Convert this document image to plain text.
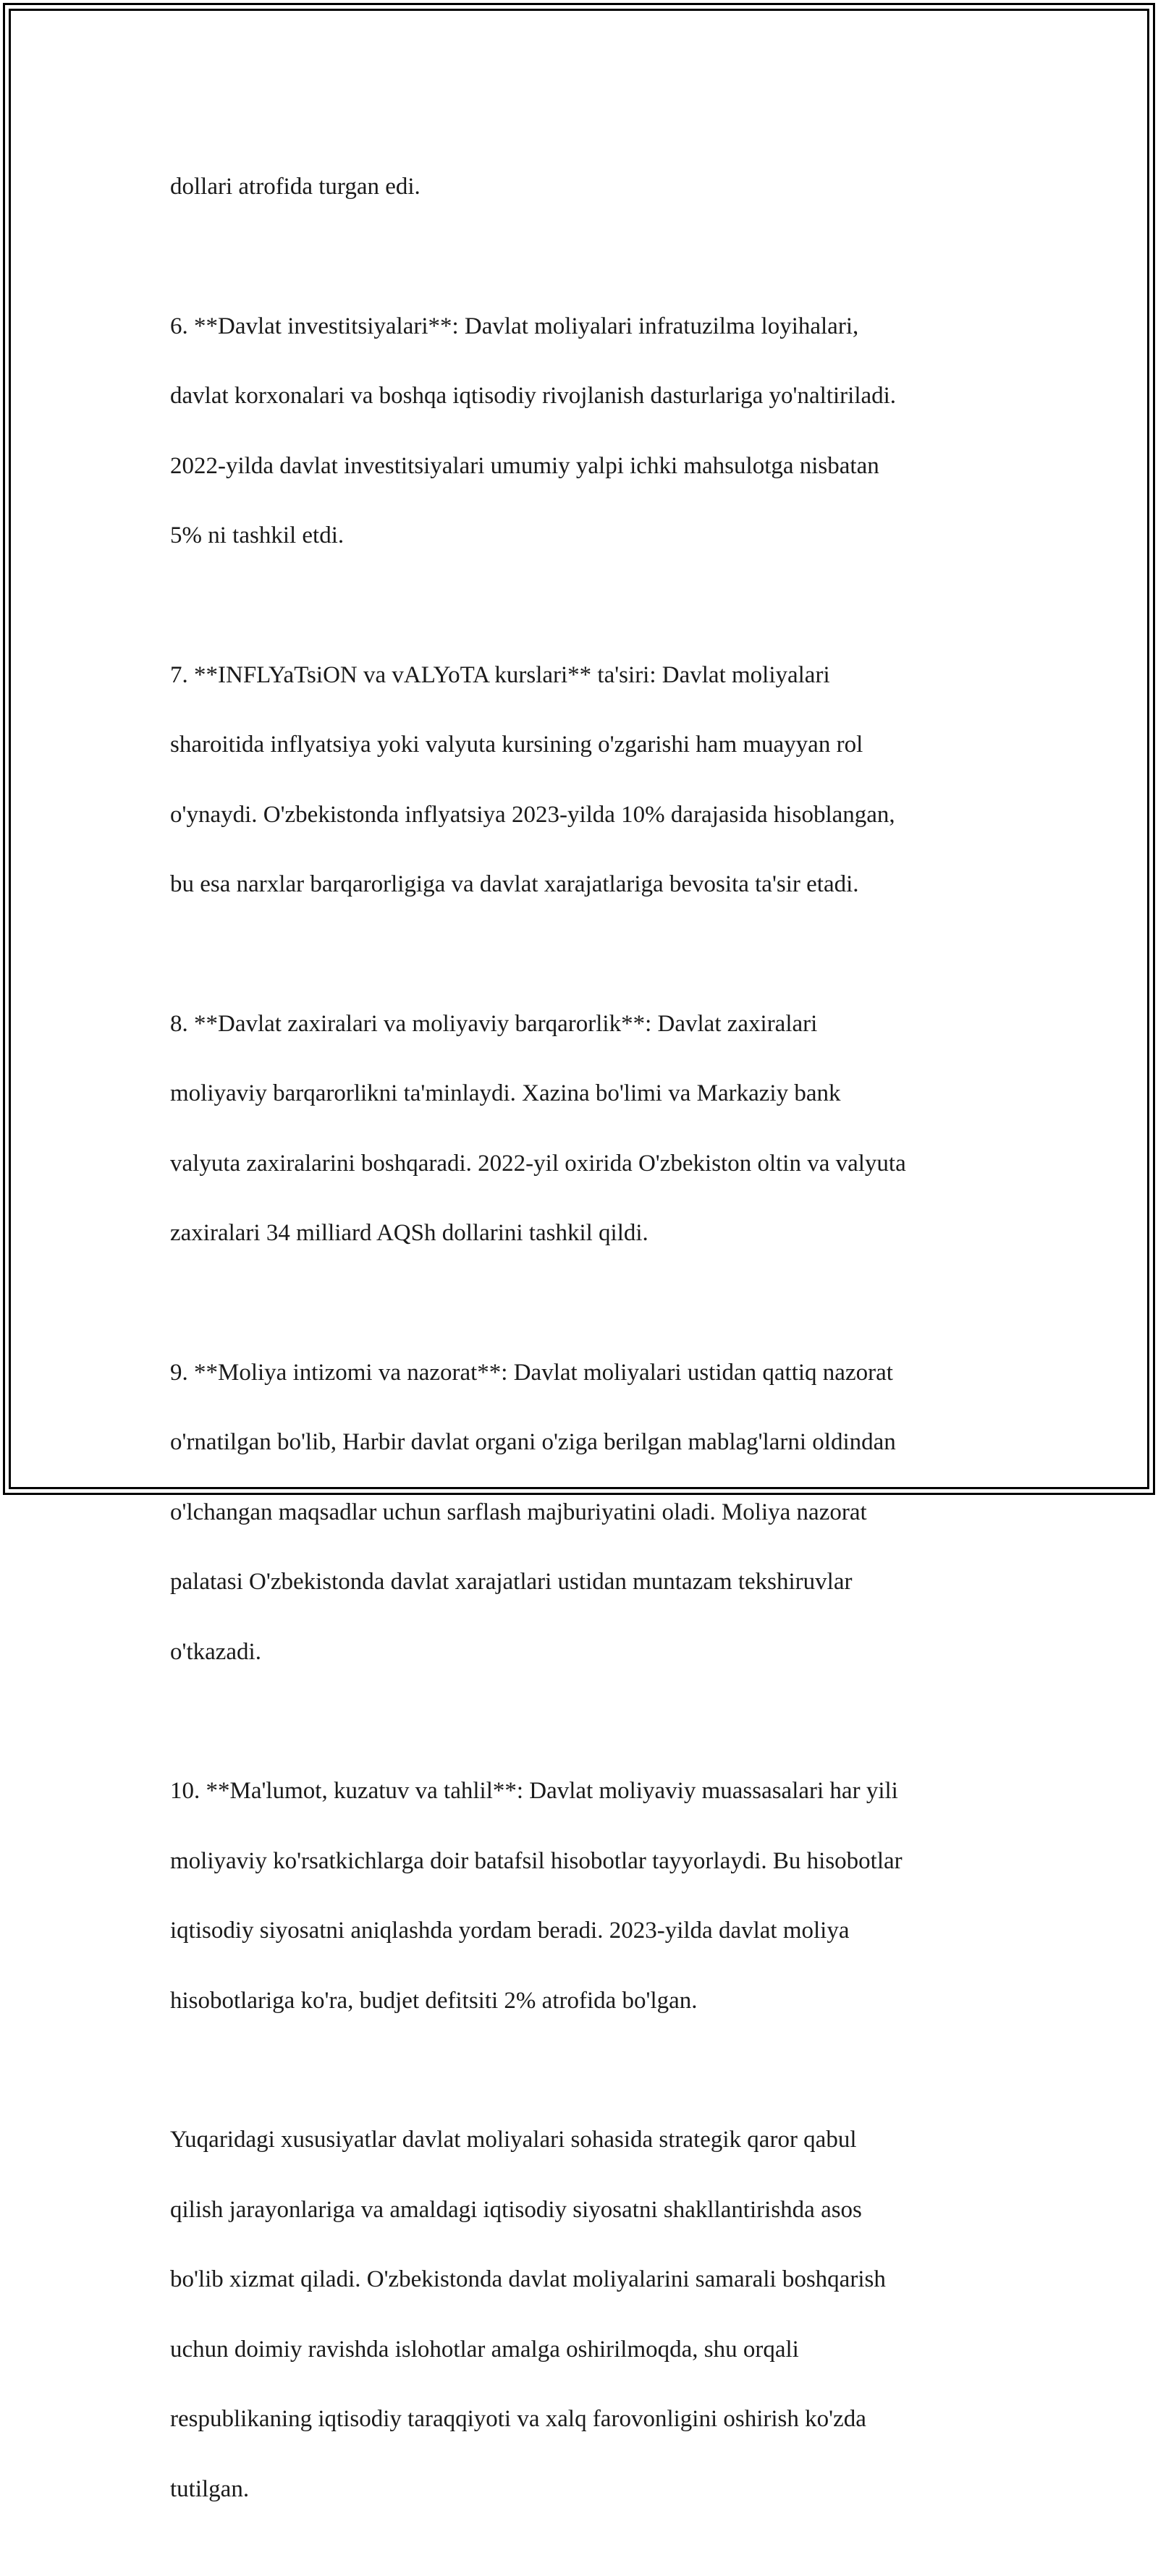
dollari atrofida turgan edi.

6. **Davlat investitsiyalari**: Davlat moliyalari infratuzilma loyihalari,

davlat korxonalari va boshqa iqtisodiy rivojlanish dasturlariga yo'naltiriladi.

2022-yilda davlat investitsiyalari umumiy yalpi ichki mahsulotga nisbatan

5% ni tashkil etdi.

7. **INFLYaTsiON va vALYoTA kurslari** ta'siri: Davlat moliyalari

sharoitida inflyatsiya yoki valyuta kursining o'zgarishi ham muayyan rol

o'ynaydi. O'zbekistonda inflyatsiya 2023-yilda 10% darajasida hisoblangan,

bu esa narxlar barqarorligiga va davlat xarajatlariga bevosita ta'sir etadi.

8. **Davlat zaxiralari va moliyaviy barqarorlik**: Davlat zaxiralari

moliyaviy barqarorlikni ta'minlaydi. Xazina bo'limi va Markaziy bank

valyuta zaxiralarini boshqaradi. 2022-yil oxirida O'zbekiston oltin va valyuta

zaxiralari 34 milliard AQSh dollarini tashkil qildi.

9. **Moliya intizomi va nazorat**: Davlat moliyalari ustidan qattiq nazorat

o'rnatilgan bo'lib, Harbir davlat organi o'ziga berilgan mablag'larni oldindan

o'lchangan maqsadlar uchun sarflash majburiyatini oladi. Moliya nazorat

palatasi O'zbekistonda davlat xarajatlari ustidan muntazam tekshiruvlar

o'tkazadi.

10. **Ma'lumot, kuzatuv va tahlil**: Davlat moliyaviy muassasalari har yili

moliyaviy ko'rsatkichlarga doir batafsil hisobotlar tayyorlaydi. Bu hisobotlar

iqtisodiy siyosatni aniqlashda yordam beradi. 2023-yilda davlat moliya

hisobotlariga ko'ra, budjet defitsiti 2% atrofida bo'lgan.

Yuqaridagi xususiyatlar davlat moliyalari sohasida strategik qaror qabul

qilish jarayonlariga va amaldagi iqtisodiy siyosatni shakllantirishda asos

bo'lib xizmat qiladi. O'zbekistonda davlat moliyalarini samarali boshqarish

uchun doimiy ravishda islohotlar amalga oshirilmoqda, shu orqali

respublikaning iqtisodiy taraqqiyoti va xalq farovonligini oshirish ko'zda

tutilgan.
